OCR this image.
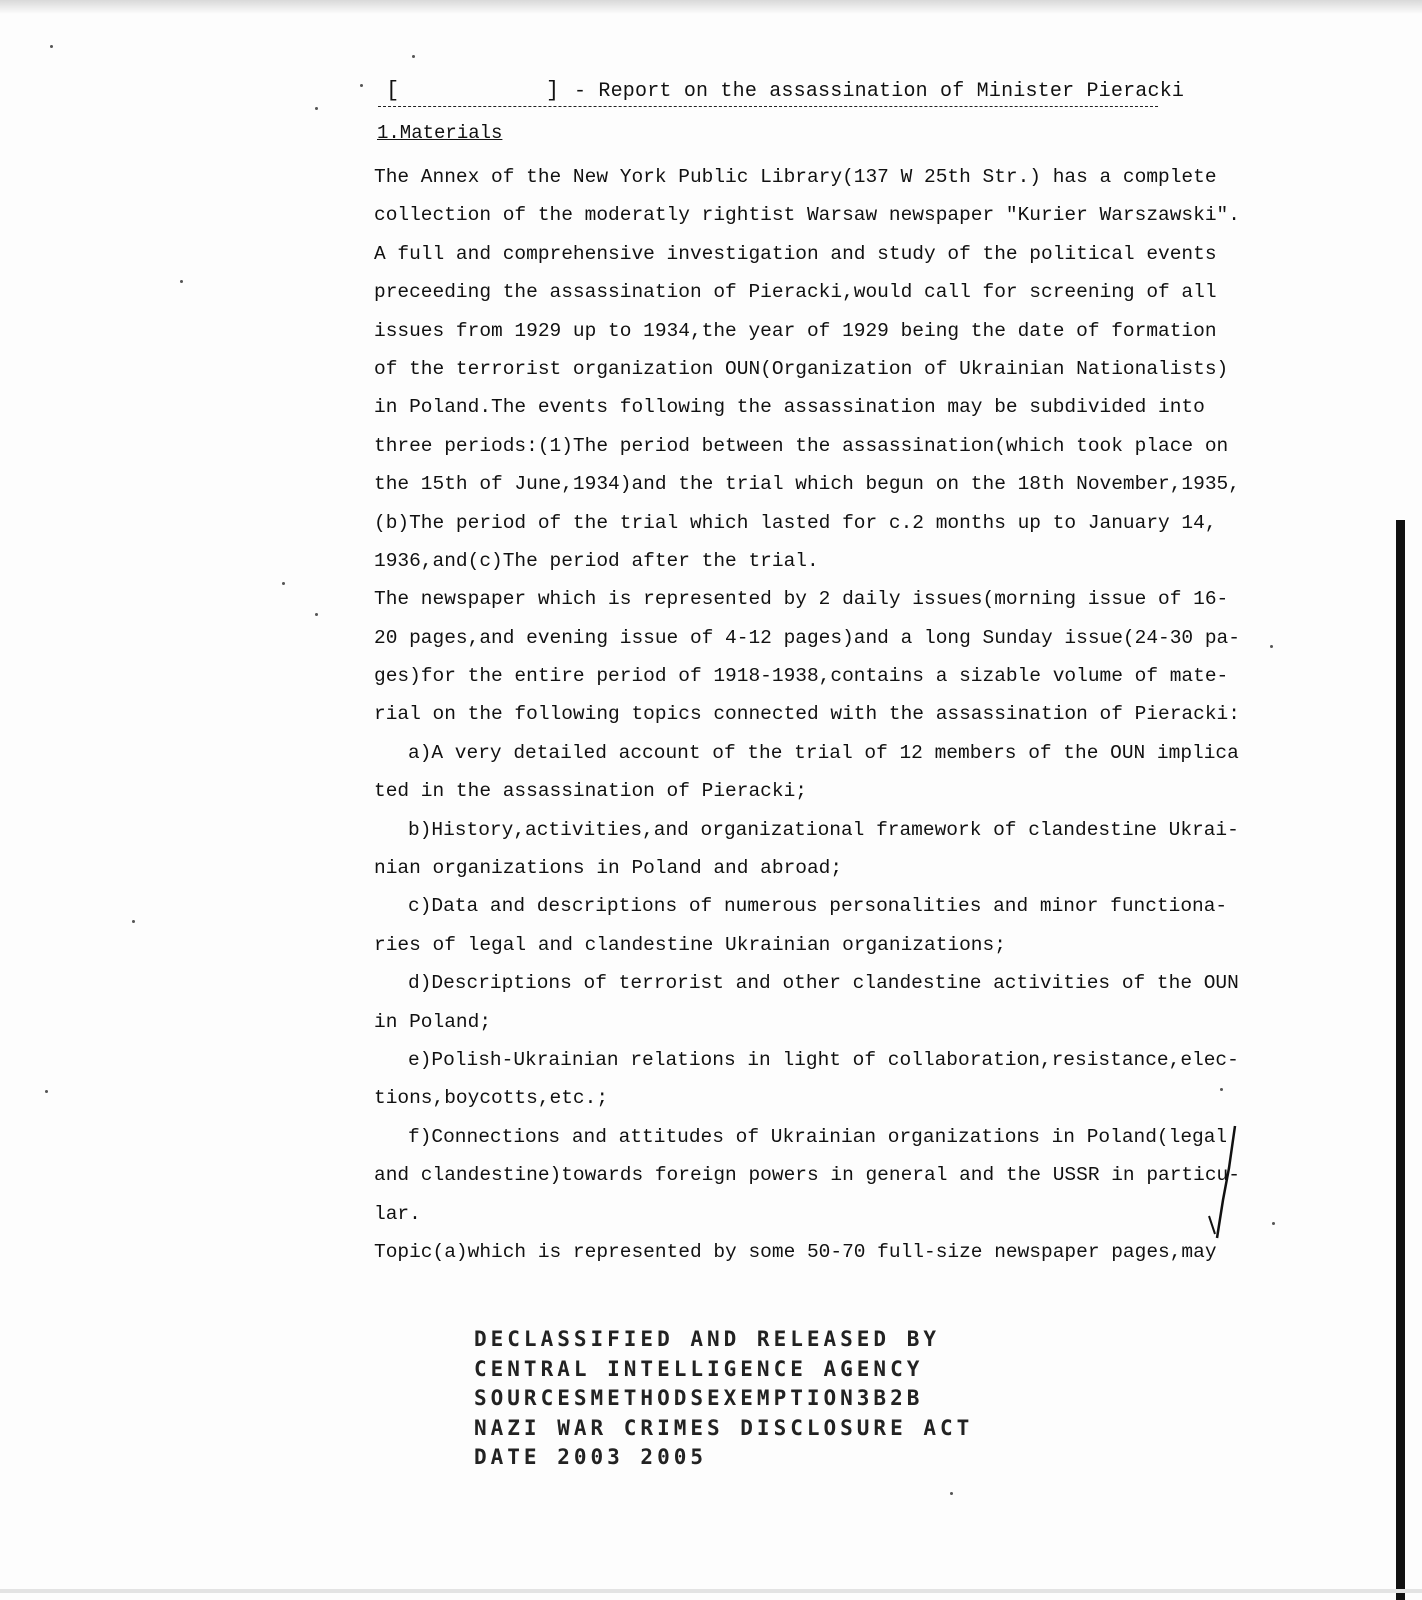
[	] - Report on the assassination of Minister Pieracki
1.Materials
The Annex of the New York Public Library(137 W 25th Str.) has a complete
collection of the moderatly rightist Warsaw newspaper "Kurier Warszawski".
A full and comprehensive investigation and study of the political events
preceeding the assassination of Pieracki,would call for screening of all
issues from 1929 up to 1934,the year of 1929 being the date of formation
of the terrorist organization OUN(Organization of Ukrainian Nationalists)
in Poland.The events following the assassination may be subdivided into
three periods:(1)The period between the assassination(which took place on
the 15th of June,1934)and the trial which begun on the 18th November,1935,
(b)The period of the trial which lasted for c.2 months up to January 14,
1936,and(c)The period after the trial.
The newspaper which is represented by 2 daily issues(morning issue of 16-
20 pages,and evening issue of 4-12 pages)and a long Sunday issue(24-30 pa-
ges)for the entire period of 1918-1938,contains a sizable volume of mate-
rial on the following topics connected with the assassination of Pieracki:
a)A very detailed account of the trial of 12 members of the OUN implica
ted in the assassination of Pieracki;
b)History,activities,and organizational framework of clandestine Ukrai-
nian organizations in Poland and abroad;
c)Data and descriptions of numerous personalities and minor functiona-
ries of legal and clandestine Ukrainian organizations;
d)Descriptions of terrorist and other clandestine activities of the OUN
in Poland;
e)Polish-Ukrainian relations in light of collaboration,resistance,elec-
tions,boycotts,etc.;
f)Connections and attitudes of Ukrainian organizations in Poland(legal
and clandestine)towards foreign powers in general and the USSR in particu-
lar.
Topic(a)which is represented by some 50-70 full-size newspaper pages,may
DECLASSIFIED AND RELEASED BY
CENTRAL INTELLIGENCE AGENCY
SOURCESMETHODSEXEMPTION3B2B
NAZI WAR CRIMES DISCLOSURE ACT
DATE 2003 2005
